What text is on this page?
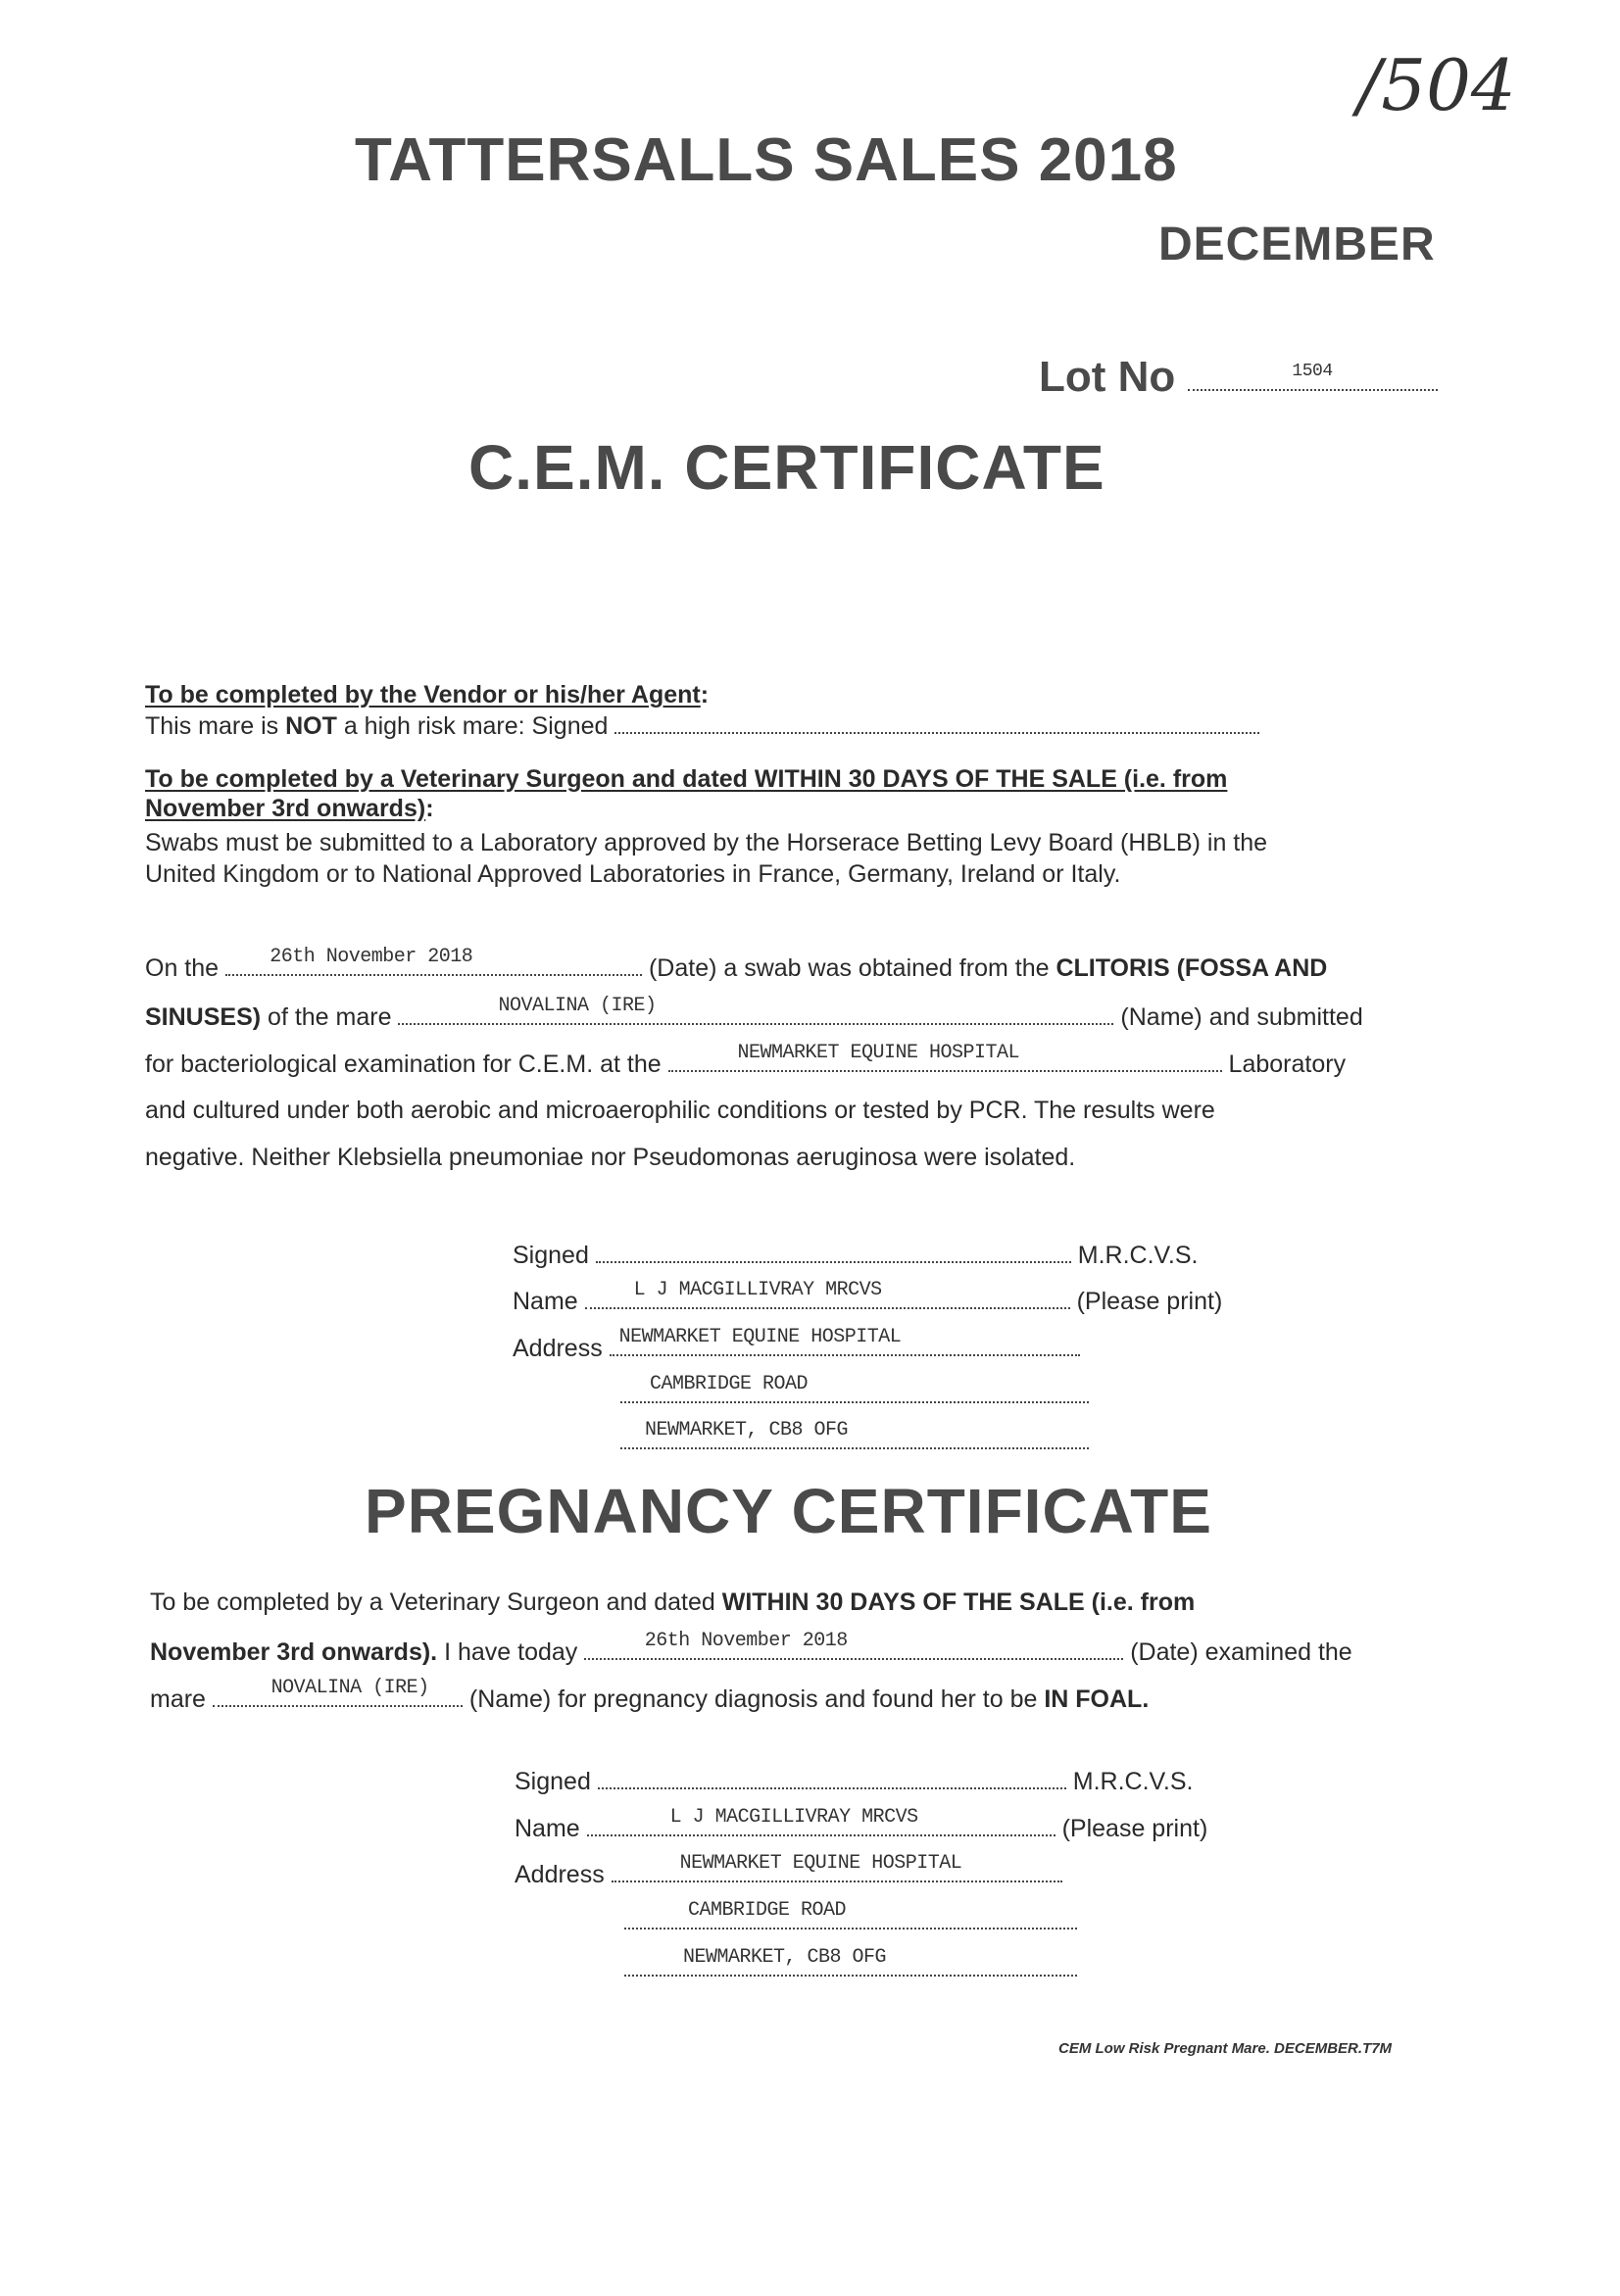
/504
TATTERSALLS SALES 2018
DECEMBER
Lot No	1504
C.E.M. CERTIFICATE
To be completed by the Vendor or his/her Agent:
This mare is NOT a high risk mare: Signed
To be completed by a Veterinary Surgeon and dated WITHIN 30 DAYS OF THE SALE (i.e. from
November 3rd onwards):
Swabs must be submitted to a Laboratory approved by the Horserace Betting Levy Board (HBLB) in the
United Kingdom or to National Approved Laboratories in France, Germany, Ireland or Italy.
On the	26th November 2018	(Date) a swab was obtained from the CLITORIS (FOSSA AND
SINUSES) of the mare	NOVALINA (IRE)	(Name) and submitted
for bacteriological examination for C.E.M. at the	NEWMARKET EQUINE HOSPITAL	Laboratory
and cultured under both aerobic and microaerophilic conditions or tested by PCR. The results were
negative. Neither Klebsiella pneumoniae nor Pseudomonas aeruginosa were isolated.
Signed	M.R.C.V.S.
Name	L J MACGILLIVRAY MRCVS	(Please print)
Address NEWMARKET EQUINE HOSPITAL
CAMBRIDGE ROAD
NEWMARKET, CB8 OFG
PREGNANCY CERTIFICATE
To be completed by a Veterinary Surgeon and dated WITHIN 30 DAYS OF THE SALE (i.e. from
November 3rd onwards). I have today	26th November 2018	(Date) examined the
mare	NOVALINA (IRE) (Name) for pregnancy diagnosis and found her to be IN FOAL.
Signed	M.R.C.V.S.
Name	L J MACGILLIVRAY MRCVS	(Please print)
Address	NEWMARKET EQUINE HOSPITAL
CAMBRIDGE ROAD
NEWMARKET, CB8 OFG
CEM Low Risk Pregnant Mare. DECEMBER.T7M
